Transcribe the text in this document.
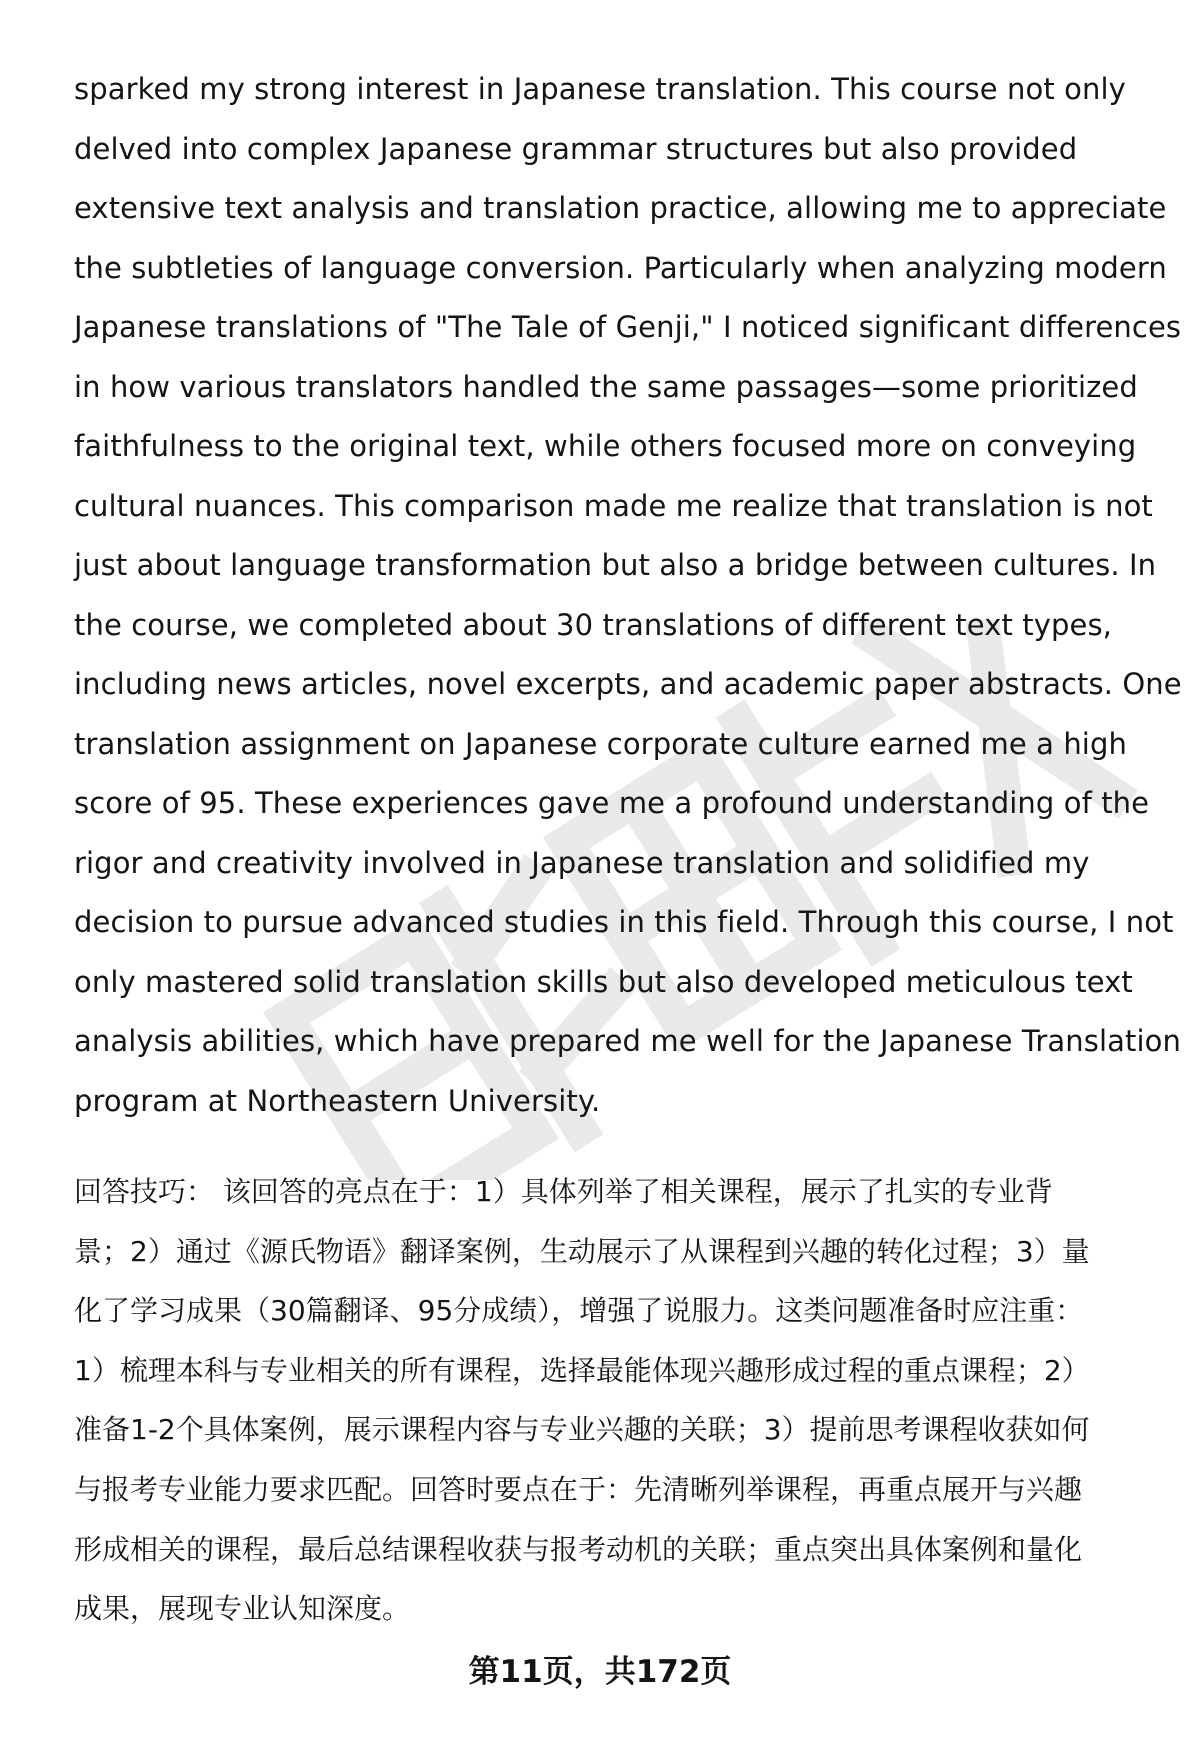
sparked my strong interest in Japanese translation. This course not only
delved into complex Japanese grammar structures but also provided
extensive text analysis and translation practice, allowing me to appreciate
the subtleties of language conversion. Particularly when analyzing modern
Japanese translations of "The Tale of Genji," I noticed significant differences
in how various translators handled the same passages—some prioritized
faithfulness to the original text, while others focused more on conveying
cultural nuances. This comparison made me realize that translation is not
just about language transformation but also a bridge between cultures. In
the course, we completed about 30 translations of different text types,
including news articles, novel excerpts, and academic paper abstracts. One
translation assignment on Japanese corporate culture earned me a high
score of 95. These experiences gave me a profound understanding of the
rigor and creativity involved in Japanese translation and solidified my
decision to pursue advanced studies in this field. Through this course, I not
only mastered solid translation skills but also developed meticulous text
analysis abilities, which have prepared me well for the Japanese Translation
program at Northeastern University.

回答技巧： 该回答的亮点在于：1）具体列举了相关课程，展示了扎实的专业背
景；2）通过《源氏物语》翻译案例，生动展示了从课程到兴趣的转化过程；3）量
化了学习成果（30篇翻译、95分成绩），增强了说服力。这类问题准备时应注重：
1）梳理本科与专业相关的所有课程，选择最能体现兴趣形成过程的重点课程；2）
准备1-2个具体案例，展示课程内容与专业兴趣的关联；3）提前思考课程收获如何
与报考专业能力要求匹配。回答时要点在于：先清晰列举课程，再重点展开与兴趣
形成相关的课程，最后总结课程收获与报考动机的关联；重点突出具体案例和量化
成果，展现专业认知深度。

第11页，共172页
